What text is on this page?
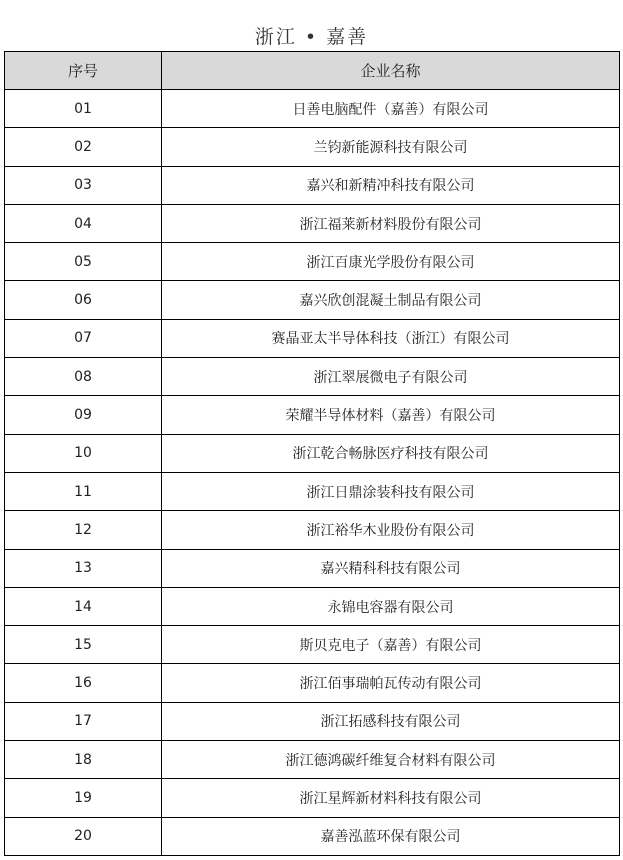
浙江 • 嘉善
序号	企业名称
01	日善电脑配件（嘉善）有限公司
02	兰钧新能源科技有限公司
03	嘉兴和新精冲科技有限公司
04	浙江福莱新材料股份有限公司
05	浙江百康光学股份有限公司
06	嘉兴欣创混凝土制品有限公司
07	赛晶亚太半导体科技（浙江）有限公司
08	浙江翠展微电子有限公司
09	荣耀半导体材料（嘉善）有限公司
10	浙江乾合畅脉医疗科技有限公司
11	浙江日鼎涂装科技有限公司
12	浙江裕华木业股份有限公司
13	嘉兴精科科技有限公司
14	永锦电容器有限公司
15	斯贝克电子（嘉善）有限公司
16	浙江佰事瑞帕瓦传动有限公司
17	浙江拓感科技有限公司
18	浙江德鸿碳纤维复合材料有限公司
19	浙江星辉新材料科技有限公司
20	嘉善泓蓝环保有限公司
